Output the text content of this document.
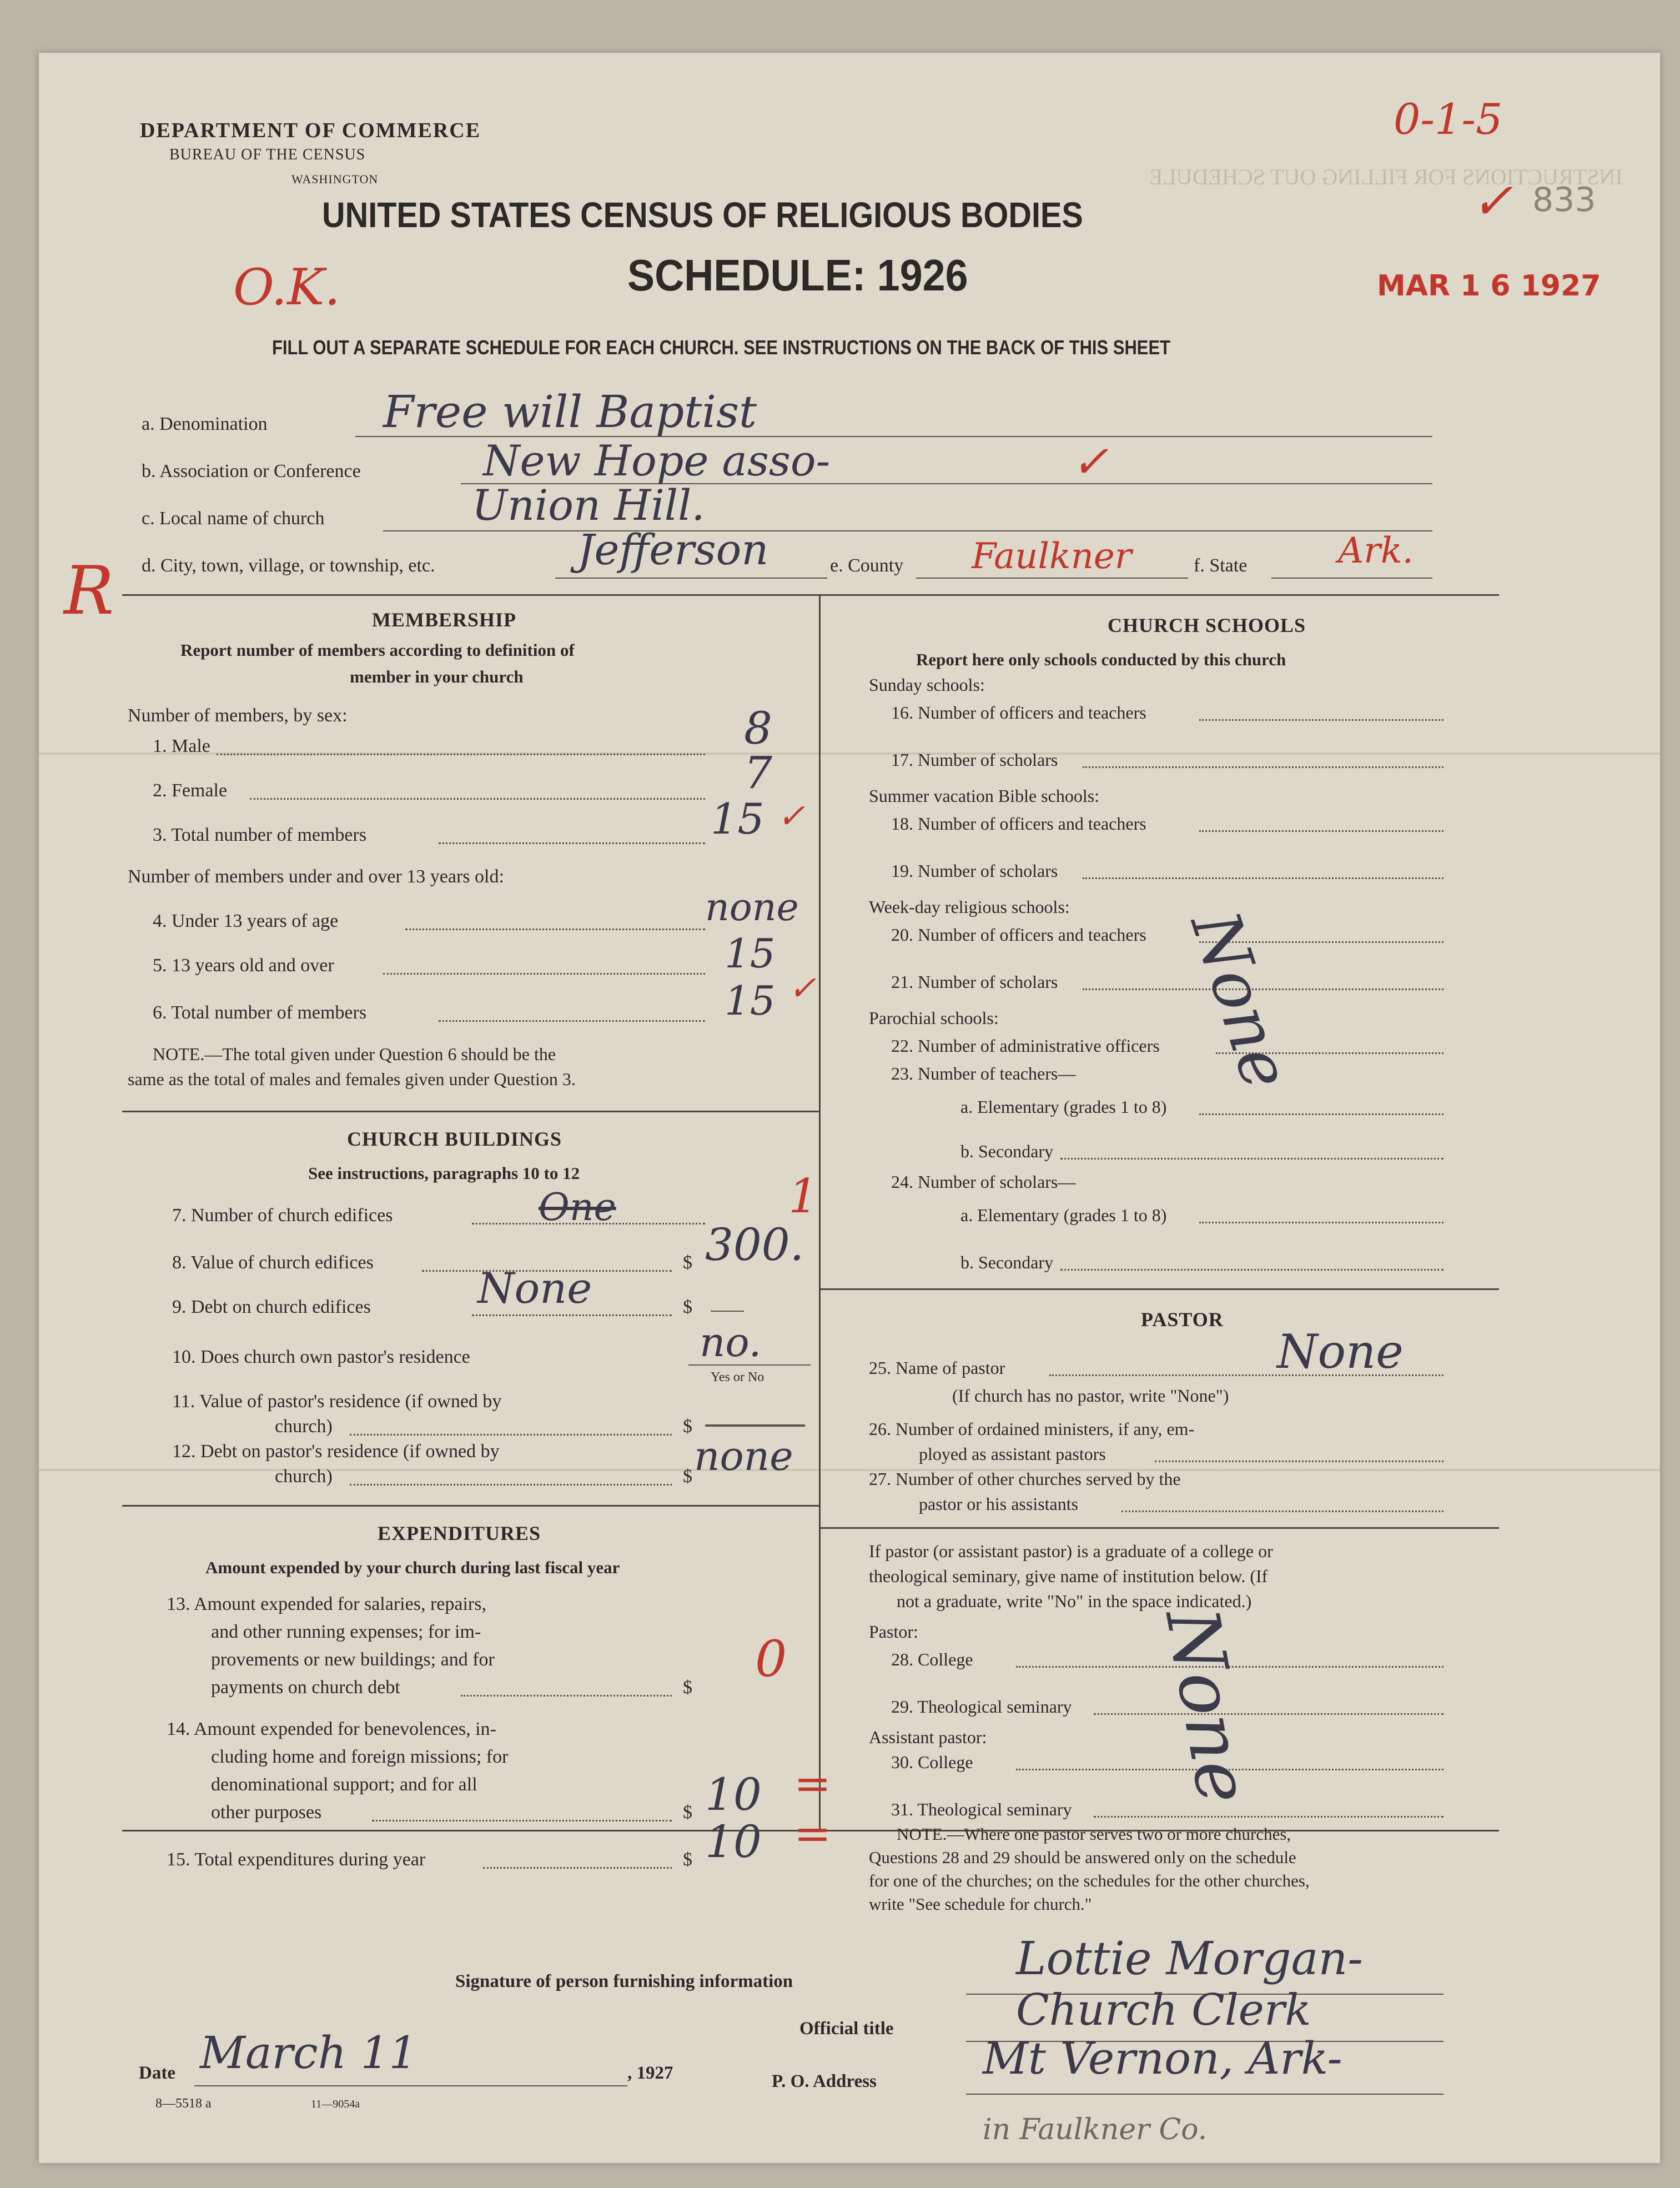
INSTRUCTIONS FOR FILLING OUT SCHEDULE
DEPARTMENT OF COMMERCE
BUREAU OF THE CENSUS
WASHINGTON
UNITED STATES CENSUS OF RELIGIOUS BODIES
SCHEDULE: 1926
FILL OUT A SEPARATE SCHEDULE FOR EACH CHURCH. SEE INSTRUCTIONS ON THE BACK OF THIS SHEET
0-1-5
833
✓
MAR 1 6 1927
O.K.
R
a. Denomination	Free will Baptist
b. Association or Conference	New Hope asso-	✓
c. Local name of church	Union Hill.
d. City, town, village, or township, etc.	Jefferson	e. County Faulkner	f. State	Ark.
MEMBERSHIP
Report number of members according to definition of
member in your church
Number of members, by sex:
1. Male	8
2. Female	7
3. Total number of members	15 ✓
Number of members under and over 13 years old:
4. Under 13 years of age	none
5. 13 years old and over	15
6. Total number of members	15 ✓
NOTE.—The total given under Question 6 should be the
same as the total of males and females given under Question 3.
CHURCH BUILDINGS
See instructions, paragraphs 10 to 12
7. Number of church edifices	One	1
8. Value of church edifices	$ 300.
9. Debt on church edifices	$
None
10. Does church own pastor's residence	no.
Yes or No
11. Value of pastor's residence (if owned by
church)	$
12. Debt on pastor's residence (if owned by
church)	$ none
EXPENDITURES
Amount expended by your church during last fiscal year
13. Amount expended for salaries, repairs,
and other running expenses; for im-
provements or new buildings; and for
payments on church debt	$ 0
14. Amount expended for benevolences, in-
cluding home and foreign missions; for
denominational support; and for all
other purposes	$ 10 =
15. Total expenditures during year	$ 10 =
CHURCH SCHOOLS
Report here only schools conducted by this church
Sunday schools:
16. Number of officers and teachers
17. Number of scholars
Summer vacation Bible schools:
18. Number of officers and teachers
19. Number of scholars
Week-day religious schools:
20. Number of officers and teachers
21. Number of scholars
Parochial schools:
22. Number of administrative officers
23. Number of teachers—
a. Elementary (grades 1 to 8)
b. Secondary
24. Number of scholars—
a. Elementary (grades 1 to 8)
b. Secondary
None
PASTOR
25. Name of pastor	None
(If church has no pastor, write "None")
26. Number of ordained ministers, if any, em-
ployed as assistant pastors
27. Number of other churches served by the
pastor or his assistants
If pastor (or assistant pastor) is a graduate of a college or
theological seminary, give name of institution below. (If
not a graduate, write "No" in the space indicated.)
Pastor:
28. College
29. Theological seminary
Assistant pastor:
30. College
31. Theological seminary None
NOTE.—Where one pastor serves two or more churches,
Questions 28 and 29 should be answered only on the schedule
for one of the churches; on the schedules for the other churches,
write "See schedule for church."
Signature of person furnishing information	Lottie Morgan-
Official title	Church Clerk
Date March 11	, 1927	P. O. Address Mt Vernon, Ark-
in Faulkner Co.
8—5518 a	11—9054a
